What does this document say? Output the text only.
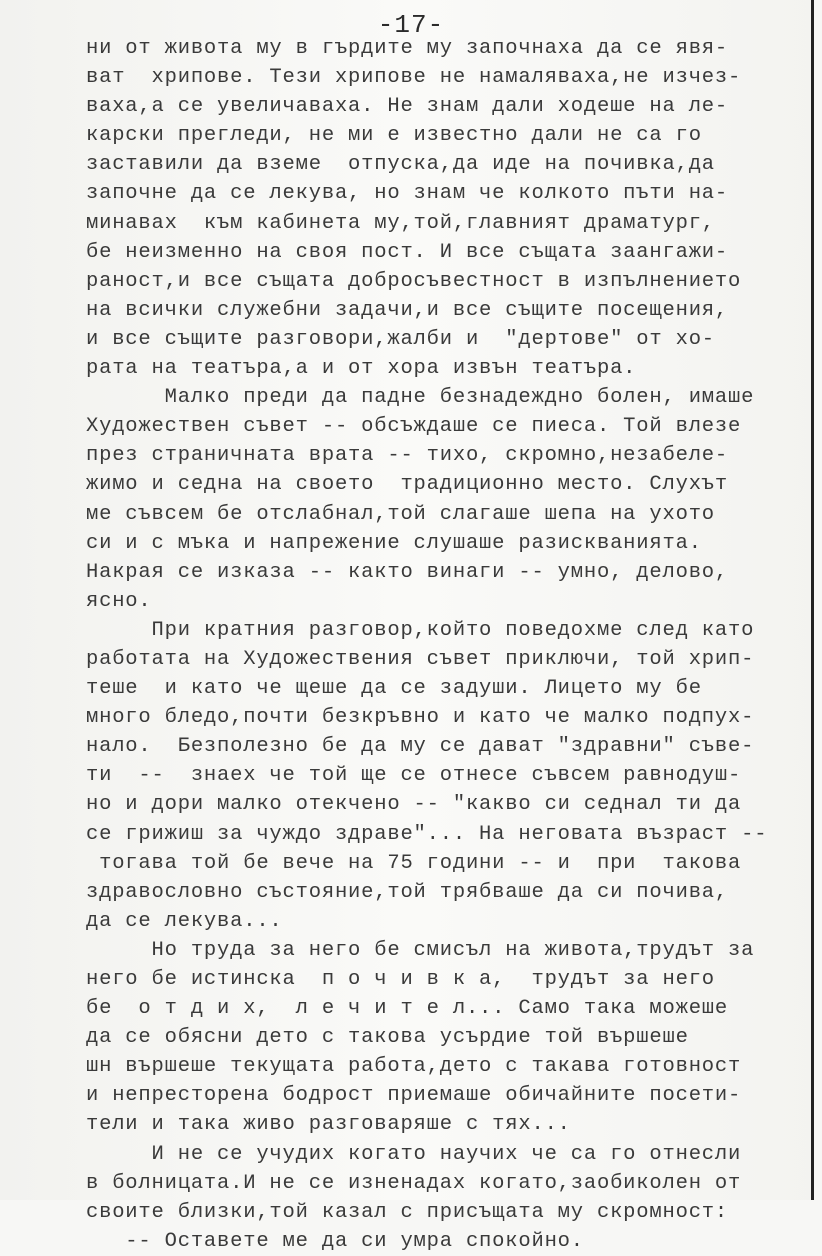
-17-
ни от живота му в гърдите му започнаха да се явя-
ват  хрипове. Тези хрипове не намаляваха,не изчез-
ваха,а се увеличаваха. Не знам дали ходеше на ле-
карски прегледи, не ми е известно дали не са го
заставили да вземе  отпуска,да иде на почивка,да
започне да се лекува, но знам че колкото пъти на-
минавах  към кабинета му,той,главният драматург,
бе неизменно на своя пост. И все същата заангажи-
раност,и все същата добросъвестност в изпълнението
на всички служебни задачи,и все същите посещения,
и все същите разговори,жалби и  "дертове" от хо-
рата на театъра,а и от хора извън театъра.
Малко преди да падне безнадеждно болен, имаше
Художествен съвет -- обсъждаше се пиеса. Той влезе
през страничната врата -- тихо, скромно,незабеле-
жимо и седна на своето  традиционно место. Слухът
ме съвсем бе отслабнал,той слагаше шепа на ухото
си и с мъка и напрежение слушаше разискванията.
Накрая се изказа -- както винаги -- умно, делово,
ясно.
При кратния разговор,който поведохме след като
работата на Художествения съвет приключи, той хрип-
теше  и като че щеше да се задуши. Лицето му бе
много бледо,почти безкръвно и като че малко подпух-
нало.  Безполезно бе да му се дават "здравни" съве-
ти  --  знаех че той ще се отнесе съвсем равнодуш-
но и дори малко отекчено -- "какво си седнал ти да
се грижиш за чуждо здраве"... На неговата възраст --
тогава той бе вече на 75 години -- и  при  такова
здравословно състояние,той трябваше да си почива,
да се лекува...
Но труда за него бе смисъл на живота,трудът за
него бе истинска  п о ч и в к а,  трудът за него
бе  о т д и х,  л е ч и т е л... Само така можеше
да се обясни дето с такова усърдие той вършеше
шн вършеше текущата работа,дето с такава готовност
и непресторена бодрост приемаше обичайните посети-
тели и така живо разговаряше с тях...
И не се учудих когато научих че са го отнесли
в болницата.И не се изненадах когато,заобиколен от
своите близки,той казал с присъщата му скромност:
-- Оставете ме да си умра спокойно.
